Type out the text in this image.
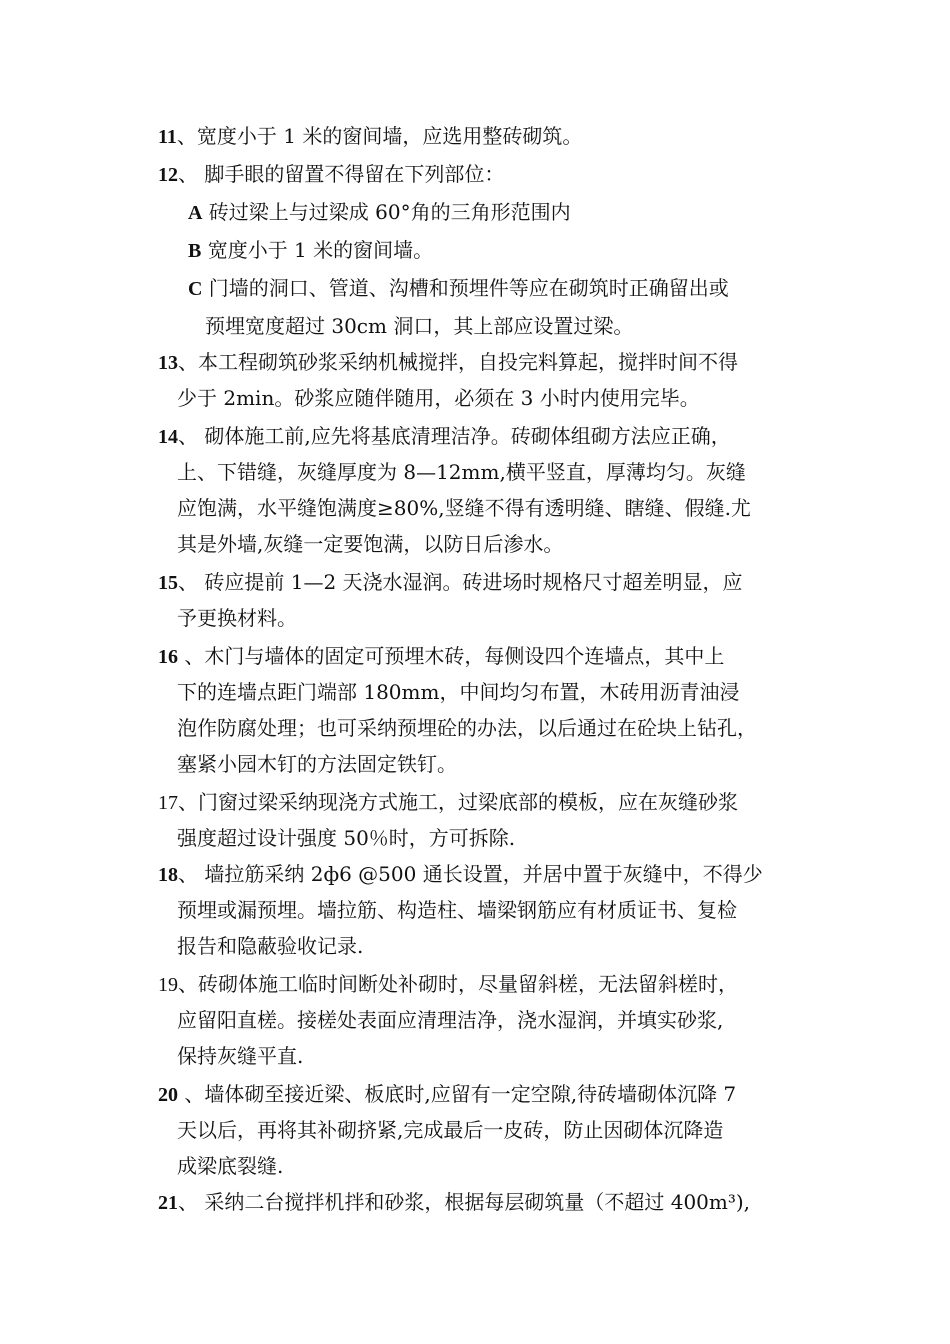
11、宽度小于 1 米的窗间墙，应选用整砖砌筑。
12、 脚手眼的留置不得留在下列部位：
A 砖过梁上与过梁成 60°角的三角形范围内
B 宽度小于 1 米的窗间墙。
C 门墙的洞口、管道、沟槽和预埋件等应在砌筑时正确留出或
预埋宽度超过 30cm 洞口，其上部应设置过梁。
13、本工程砌筑砂浆采纳机械搅拌，自投完料算起，搅拌时间不得
少于 2min。砂浆应随伴随用，必须在 3 小时内使用完毕。
14、 砌体施工前,应先将基底清理洁净。砖砌体组砌方法应正确，
上、下错缝，灰缝厚度为 8—12mm,横平竖直，厚薄均匀。灰缝
应饱满，水平缝饱满度≥80%,竖缝不得有透明缝、瞎缝、假缝.尤
其是外墙,灰缝一定要饱满，以防日后渗水。
15、 砖应提前 1—2 天浇水湿润。砖进场时规格尺寸超差明显，应
予更换材料。
16 、木门与墙体的固定可预埋木砖，每侧设四个连墙点，其中上
下的连墙点距门端部 180mm，中间均匀布置，木砖用沥青油浸
泡作防腐处理；也可采纳预埋砼的办法，以后通过在砼块上钻孔，
塞紧小园木钉的方法固定铁钉。
17、门窗过梁采纳现浇方式施工，过梁底部的模板，应在灰缝砂浆
强度超过设计强度 50％时，方可拆除.
18、 墙拉筋采纳 2ф6 @500 通长设置，并居中置于灰缝中，不得少
预埋或漏预埋。墙拉筋、构造柱、墙梁钢筋应有材质证书、复检
报告和隐蔽验收记录.
19、砖砌体施工临时间断处补砌时，尽量留斜槎，无法留斜槎时，
应留阳直槎。接槎处表面应清理洁净，浇水湿润，并填实砂浆,
保持灰缝平直.
20 、墙体砌至接近梁、板底时,应留有一定空隙,待砖墙砌体沉降 7
天以后，再将其补砌挤紧,完成最后一皮砖，防止因砌体沉降造
成梁底裂缝.
21、 采纳二台搅拌机拌和砂浆，根据每层砌筑量（不超过 400m³),
